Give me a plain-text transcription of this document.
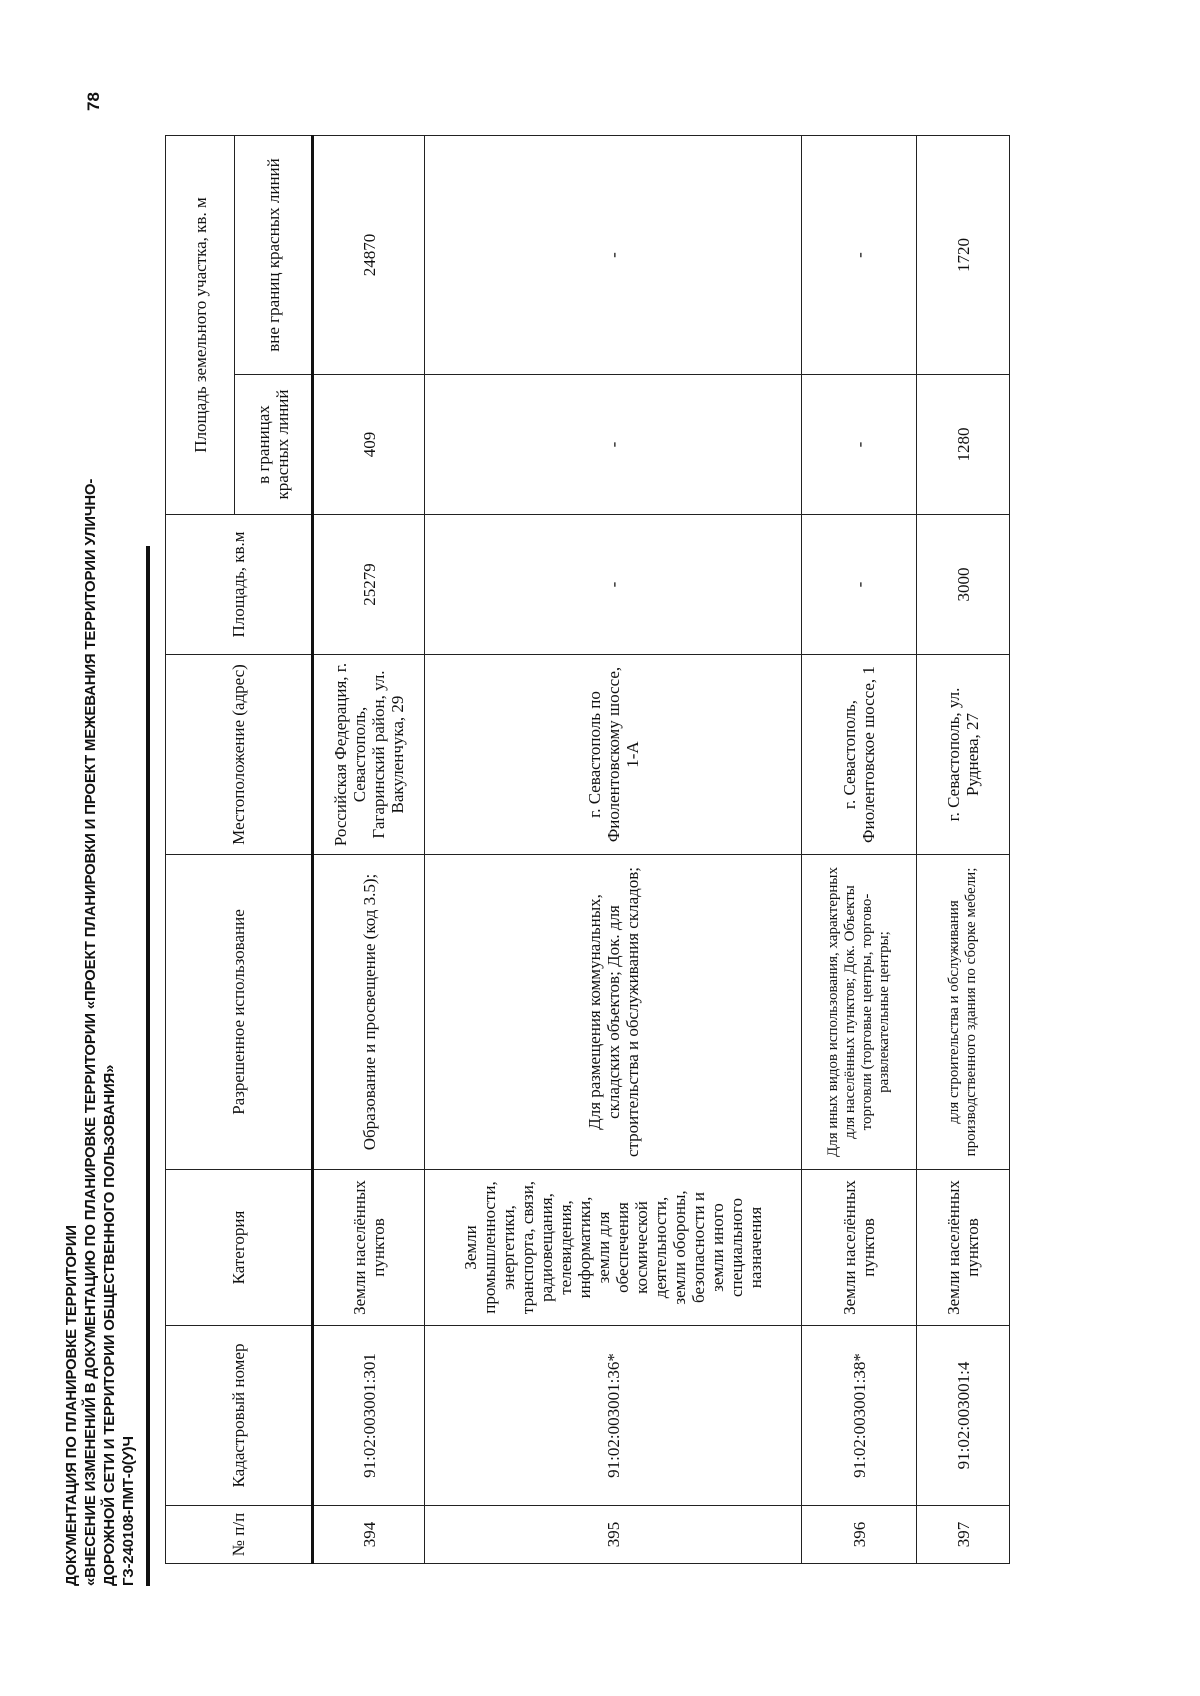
ДОКУМЕНТАЦИЯ ПО ПЛАНИРОВКЕ ТЕРРИТОРИИ «ВНЕСЕНИЕ ИЗМЕНЕНИЙ В ДОКУМЕНТАЦИЮ ПО ПЛАНИРОВКЕ ТЕРРИТОРИИ «ПРОЕКТ ПЛАНИРОВКИ И ПРОЕКТ МЕЖЕВАНИЯ ТЕРРИТОРИИ УЛИЧНО- ДОРОЖНОЙ СЕТИ И ТЕРРИТОРИИ ОБЩЕСТВЕННОГО ПОЛЬЗОВАНИЯ» ГЗ-240108-ПМТ-0(У)Ч
78
№ п/п	Кадастровый номер	Категория	Разрешенное использование	Местоположение (адрес)	Площадь, кв.м	Площадь земельного участка, кв. м	
						в границах красных линий	вне границ красных линий
394	91:02:003001:301	Земли населённых пунктов	Образование и просвещение (код 3.5);	Российская Федерация, г. Севастополь, Гагаринский район, ул. Вакуленчука, 29	25279	409	24870
395	91:02:003001:36*	Земли промышленности, энергетики, транспорта, связи, радиовещания, телевидения, информатики, земли для обеспечения космической деятельности, земли обороны, безопасности и земли иного специального назначения	Для размещения коммунальных, складских объектов; Док. для строительства и обслуживания складов;	г. Севастополь по Фиолентовскому шоссе, 1-А	-	-	-
396	91:02:003001:38*	Земли населённых пунктов	Для иных видов использования, характерных для населённых пунктов; Док. Объекты торговли (торговые центры, торгово-развлекательные центры;	г. Севастополь, Фиолентовское шоссе, 1	-	-	-
397	91:02:003001:4	Земли населённых пунктов	для строительства и обслуживания производственного здания по сборке мебели;	г. Севастополь, ул. Руднева, 27	3000	1280	1720
